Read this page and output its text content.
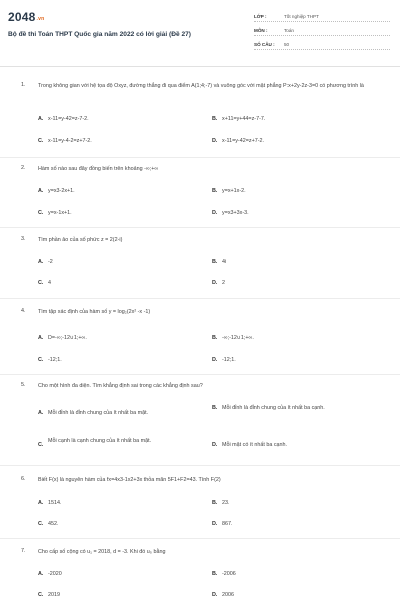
2048.vn
Bộ đề thi Toán THPT Quốc gia năm 2022 có lời giải (Đề 27)
LỚP :	Tốt nghiệp THPT
MÔN :	Toán
SỐ CÂU : 50
1. Trong không gian với hệ tọa độ Oxyz, đường thẳng đi qua điểm A(1;4;-7) và vuông góc với mặt phẳng P:x+2y-2z-3=0 có phương trình là
A. x-11=y-42=z-7-2.	B. x+11=y+44=z-7-7.
C. x-11=y-4-2=z+7-2.	D. x-11=y-42=z+7-2.
2. Hàm số nào sau đây đồng biến trên khoảng -∞;+∞
A. y=x3-2x+1.	B. y=x+1x-2.
C. y=x-1x+1.	D. y=x3+3x-3.
3. Tìm phần ảo của số phức z = 2(2-i)
A. -2	B. 4i
C. 4	D. 2
4. Tìm tập xác định của hàm số y = log₂(2x² -x -1)
A. D=-∞;-12∪1;+∞.	B. -∞;-12∪1;+∞.
C. -12;1.	D. -12;1.
5. Cho một hình đa diện. Tìm khẳng định sai trong các khẳng định sau?
A. Mỗi đỉnh là đỉnh chung của ít nhất ba mặt.
B. Mỗi đỉnh là đỉnh chung của ít nhất ba cạnh.
C.
Mỗi cạnh là cạnh chung của ít nhất ba mặt.
D. Mỗi mặt có ít nhất ba cạnh.
6. Biết F(x) là nguyên hàm của fx=4x3-1x2+3x thỏa mãn 5F1+F2=43. Tính F(2)
A. 1514.	B. 23.
C. 452.	D. 867.
7. Cho cấp số cộng có u₁ = 2018, d = -3. Khi đó u₅ bằng
A. -2020	B. -2006
C. 2019	D. 2006
